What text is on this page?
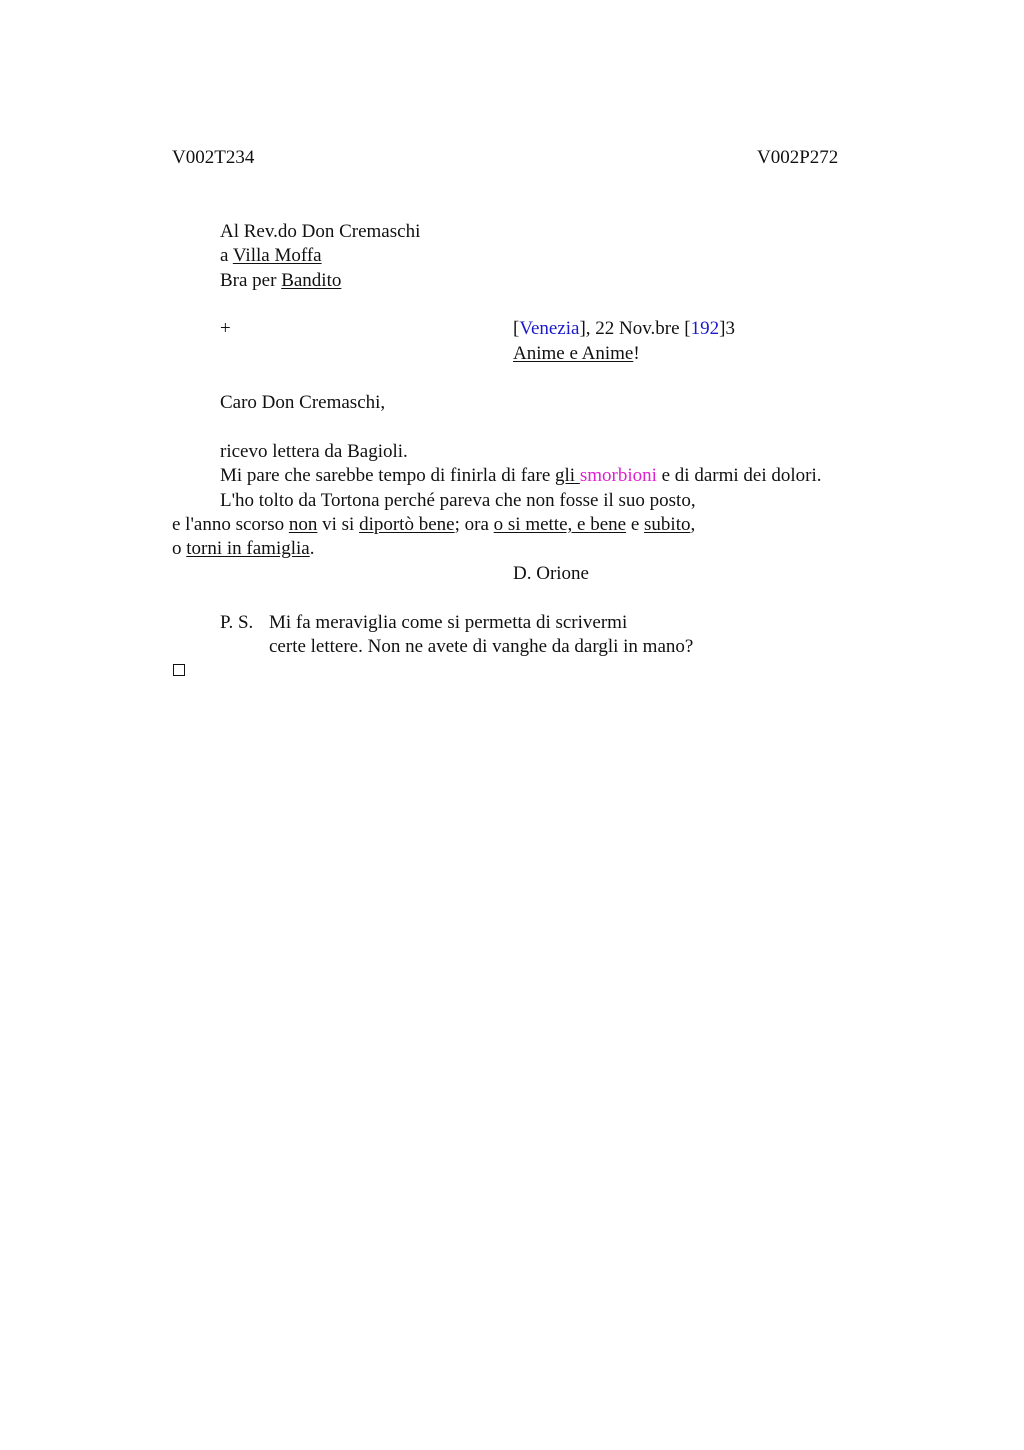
V002T234	V002P272
Al Rev.do Don Cremaschi
a Villa Moffa
Bra per Bandito
+	[Venezia], 22 Nov.bre [192]3
Anime e Anime!
Caro Don Cremaschi,
ricevo lettera da Bagioli.
Mi pare che sarebbe tempo di finirla di fare gli smorbioni e di darmi dei dolori.
L'ho tolto da Tortona perché pareva che non fosse il suo posto,
e l'anno scorso non vi si diportò bene; ora o si mette, e bene e subito,
o torni in famiglia.
D. Orione
P. S. Mi fa meraviglia come si permetta di scrivermi
certe lettere. Non ne avete di vanghe da dargli in mano?
